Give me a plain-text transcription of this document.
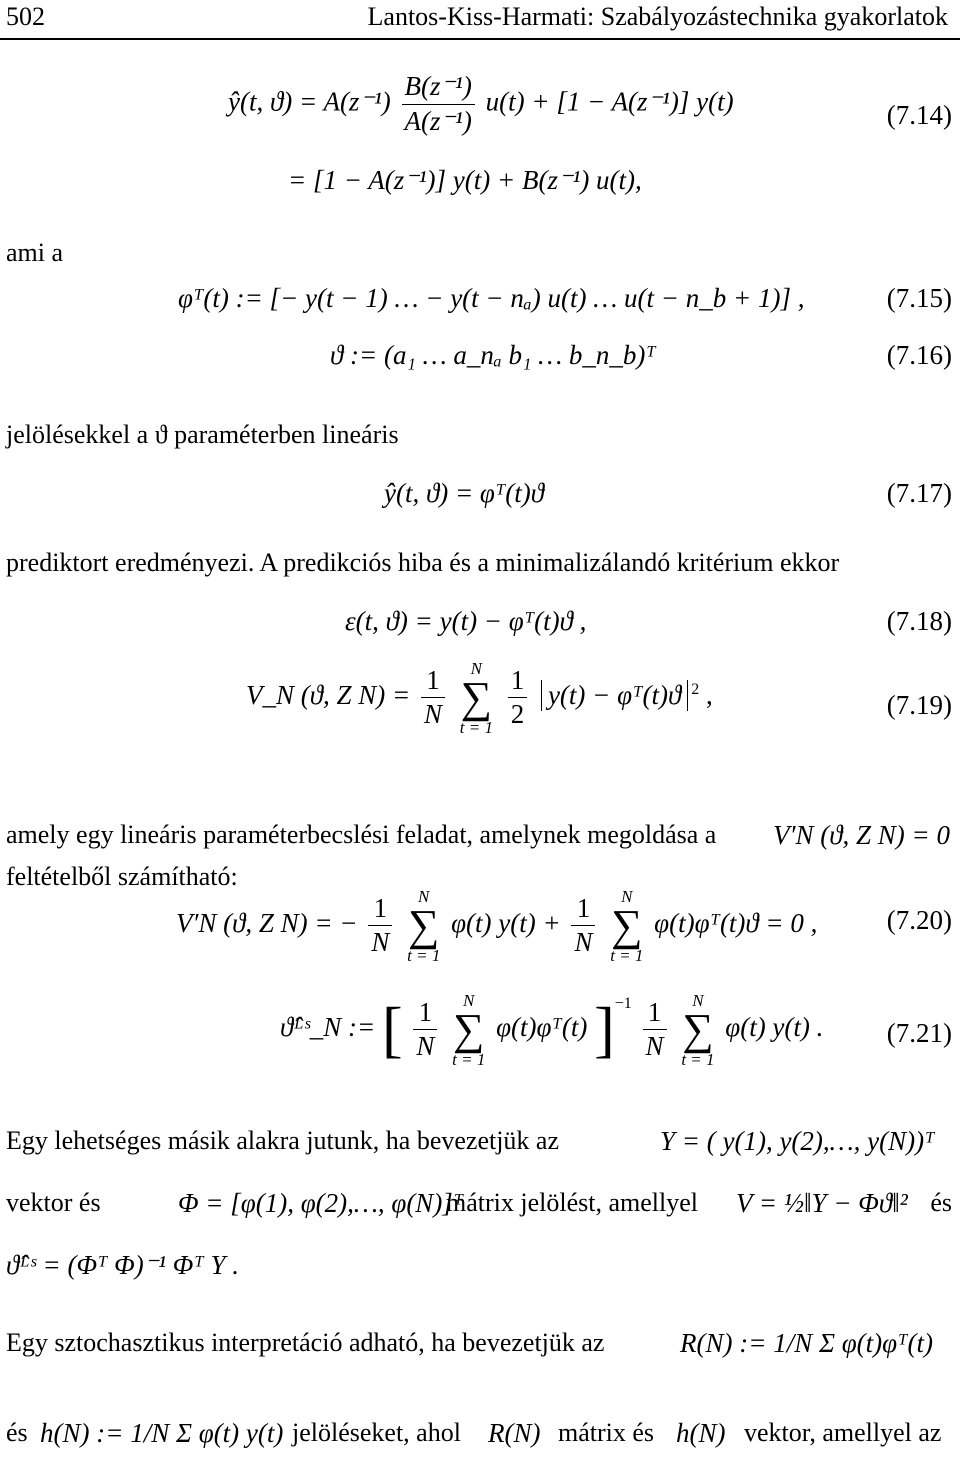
502	Lantos-Kiss-Harmati: Szabályozástechnika gyakorlatok
ŷ(t, $ϑ) = A(z^{-1}) \frac{\text{B(z⁻¹)}}{\text{A(z⁻¹)}} u(t) + [1 - A(z^{-1})]$ y(t)	(7.14)
= [1 − A(z⁻¹)] y(t) + B(z⁻¹) u(t),
ami a
φᵀ(t) := [− y(t − 1) … − y(t − nₐ) u(t) … u(t − n_b + 1)] ,	(7.15)
ϑ := (a₁ … a_nₐ b₁ … b_n_b)ᵀ	(7.16)
jelölésekkel a ϑ paraméterben lineáris
ŷ(t, ϑ) = φᵀ(t)ϑ	(7.17)
prediktort eredményezi. A predikciós hiba és a minimalizálandó kritérium ekkor
ε(t, ϑ) = y(t) − φᵀ(t)ϑ ,	(7.18)
V_N (ϑ, Z $N) = \frac{1}{N}$
	N
∑
t = 1
$\frac{1}{2} y(t)$ − φᵀ(t)ϑ $^2$ ,	(7.19)
amely egy lineáris paraméterbecslési feladat, amelynek megoldása a V′N (ϑ, Z N) = 0
feltételből számítható:
V′N (ϑ, Z N) = − $\frac{1}{N}$
	N
∑
t = 1
φ(t) $y(t) + \frac{1}{N}$
	N
∑
t = 1
φ(t)φᵀ(t)ϑ = 0 ,	(7.20)
ϑ̂ᴸˢ_N := [ $\frac{1}{N}$
	N
∑
t = 1
φ(t)φᵀ(t) ]$^{-1} \frac{1}{N}$
	N
∑
t = 1
φ(t) y(t) . (7.21)
Egy lehetséges másik alakra jutunk, ha bevezetjük az	Y = ( y(1), y(2),…, y(N))ᵀ
vektor és	Φ = [φ(1), φ(2),…, φ(N)]ᵀ
mátrix jelölést, amellyel V = ½‖Y − Φϑ‖² és
ϑ̂ᴸˢ = (Φᵀ Φ)⁻¹ Φᵀ Y .
Egy sztochasztikus interpretáció adható, ha bevezetjük az	R(N) := 1/N Σ φ(t)φᵀ(t)
és h(N) := 1/N Σ φ(t) y(t) jelöléseket, ahol R(N) mátrix és h(N) vektor, amellyel az
